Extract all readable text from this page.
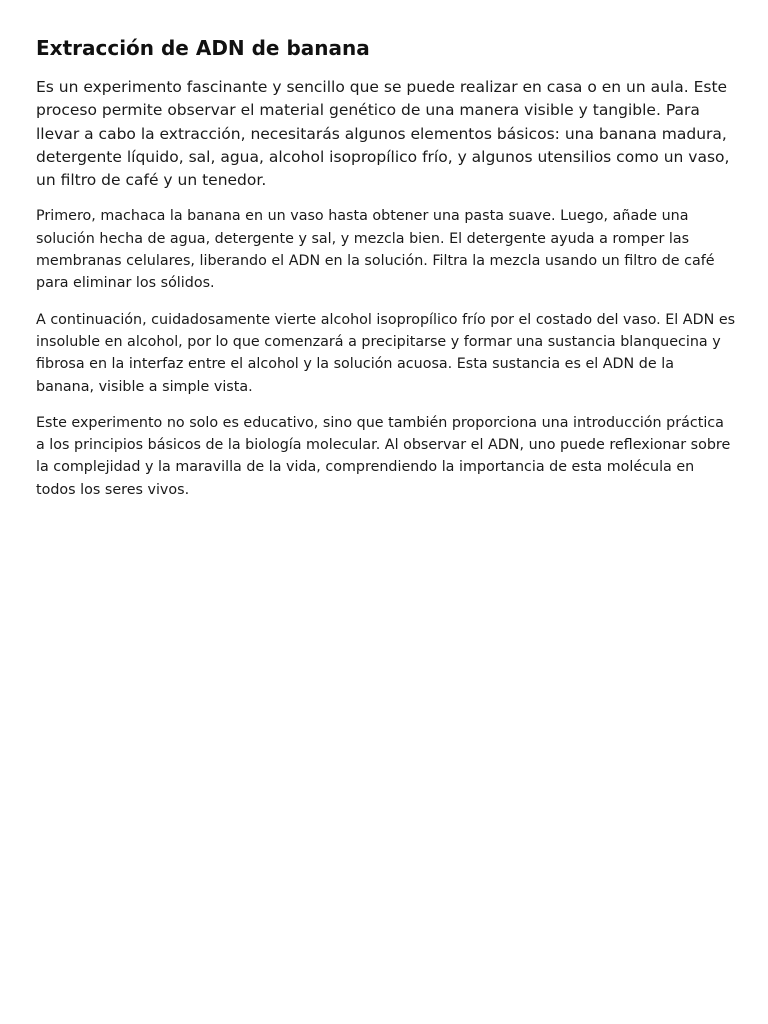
Extracción de ADN de banana

Es un experimento fascinante y sencillo que se puede realizar en casa o en un aula. Este proceso permite observar el material genético de una manera visible y tangible. Para llevar a cabo la extracción, necesitarás algunos elementos básicos: una banana madura, detergente líquido, sal, agua, alcohol isopropílico frío, y algunos utensilios como un vaso, un filtro de café y un tenedor.

Primero, machaca la banana en un vaso hasta obtener una pasta suave. Luego, añade una solución hecha de agua, detergente y sal, y mezcla bien. El detergente ayuda a romper las membranas celulares, liberando el ADN en la solución. Filtra la mezcla usando un filtro de café para eliminar los sólidos.

A continuación, cuidadosamente vierte alcohol isopropílico frío por el costado del vaso. El ADN es insoluble en alcohol, por lo que comenzará a precipitarse y formar una sustancia blanquecina y fibrosa en la interfaz entre el alcohol y la solución acuosa. Esta sustancia es el ADN de la banana, visible a simple vista.

Este experimento no solo es educativo, sino que también proporciona una introducción práctica a los principios básicos de la biología molecular. Al observar el ADN, uno puede reflexionar sobre la complejidad y la maravilla de la vida, comprendiendo la importancia de esta molécula en todos los seres vivos.
